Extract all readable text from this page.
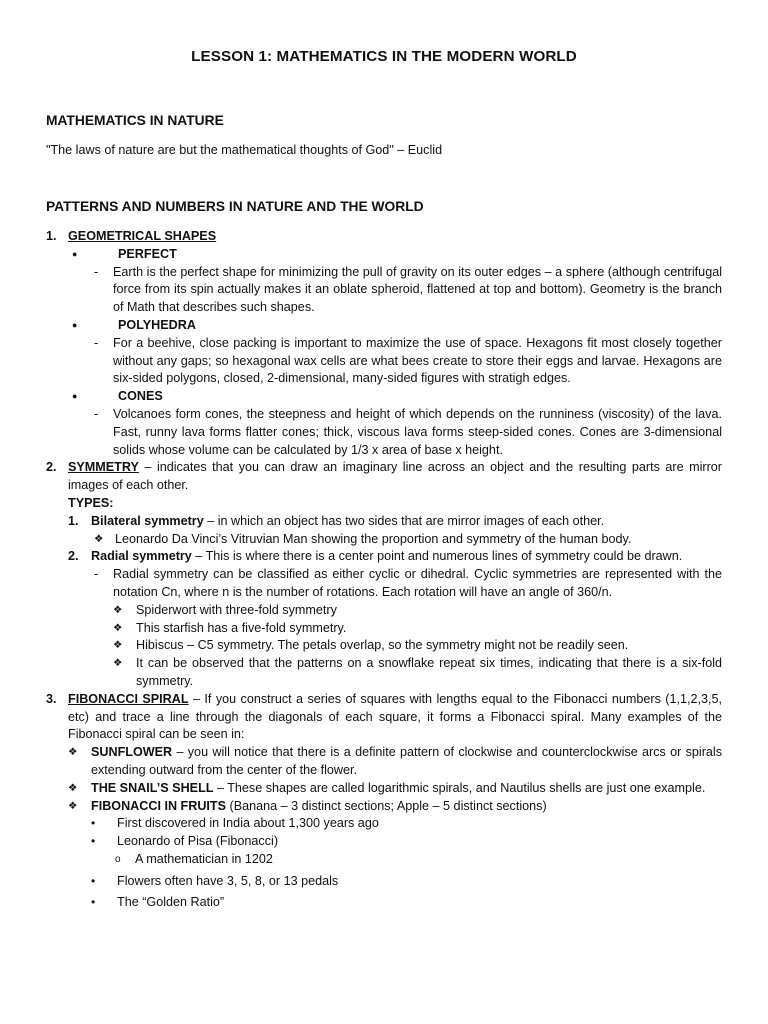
LESSON 1: MATHEMATICS IN THE MODERN WORLD
MATHEMATICS IN NATURE
"The laws of nature are but the mathematical thoughts of God" – Euclid
PATTERNS AND NUMBERS IN NATURE AND THE WORLD
1. GEOMETRICAL SHAPES
●	PERFECT
- Earth is the perfect shape for minimizing the pull of gravity on its outer edges – a sphere (although centrifugal force from its spin actually makes it an oblate spheroid, flattened at top and bottom). Geometry is the branch of Math that describes such shapes.
●	POLYHEDRA
- For a beehive, close packing is important to maximize the use of space. Hexagons fit most closely together without any gaps; so hexagonal wax cells are what bees create to store their eggs and larvae. Hexagons are six-sided polygons, closed, 2-dimensional, many-sided figures with stratigh edges.
●	CONES
- Volcanoes form cones, the steepness and height of which depends on the runniness (viscosity) of the lava. Fast, runny lava forms flatter cones; thick, viscous lava forms steep-sided cones. Cones are 3-dimensional solids whose volume can be calculated by 1/3 x area of base x height.
2. SYMMETRY – indicates that you can draw an imaginary line across an object and the resulting parts are mirror images of each other.
TYPES:
1. Bilateral symmetry – in which an object has two sides that are mirror images of each other.
❖ Leonardo Da Vinci’s Vitruvian Man showing the proportion and symmetry of the human body.
2. Radial symmetry – This is where there is a center point and numerous lines of symmetry could be drawn.
- Radial symmetry can be classified as either cyclic or dihedral. Cyclic symmetries are represented with the notation Cn, where n is the number of rotations. Each rotation will have an angle of 360/n.
❖ Spiderwort with three-fold symmetry
❖ This starfish has a five-fold symmetry.
❖ Hibiscus – C5 symmetry. The petals overlap, so the symmetry might not be readily seen.
❖ It can be observed that the patterns on a snowflake repeat six times, indicating that there is a six-fold symmetry.
3. FIBONACCI SPIRAL – If you construct a series of squares with lengths equal to the Fibonacci numbers (1,1,2,3,5, etc) and trace a line through the diagonals of each square, it forms a Fibonacci spiral. Many examples of the Fibonacci spiral can be seen in:
❖ SUNFLOWER – you will notice that there is a definite pattern of clockwise and counterclockwise arcs or spirals extending outward from the center of the flower.
❖ THE SNAIL’S SHELL – These shapes are called logarithmic spirals, and Nautilus shells are just one example.
❖ FIBONACCI IN FRUITS (Banana – 3 distinct sections; Apple – 5 distinct sections)
• First discovered in India about 1,300 years ago
• Leonardo of Pisa (Fibonacci)
o A mathematician in 1202
• Flowers often have 3, 5, 8, or 13 pedals
• The “Golden Ratio”
